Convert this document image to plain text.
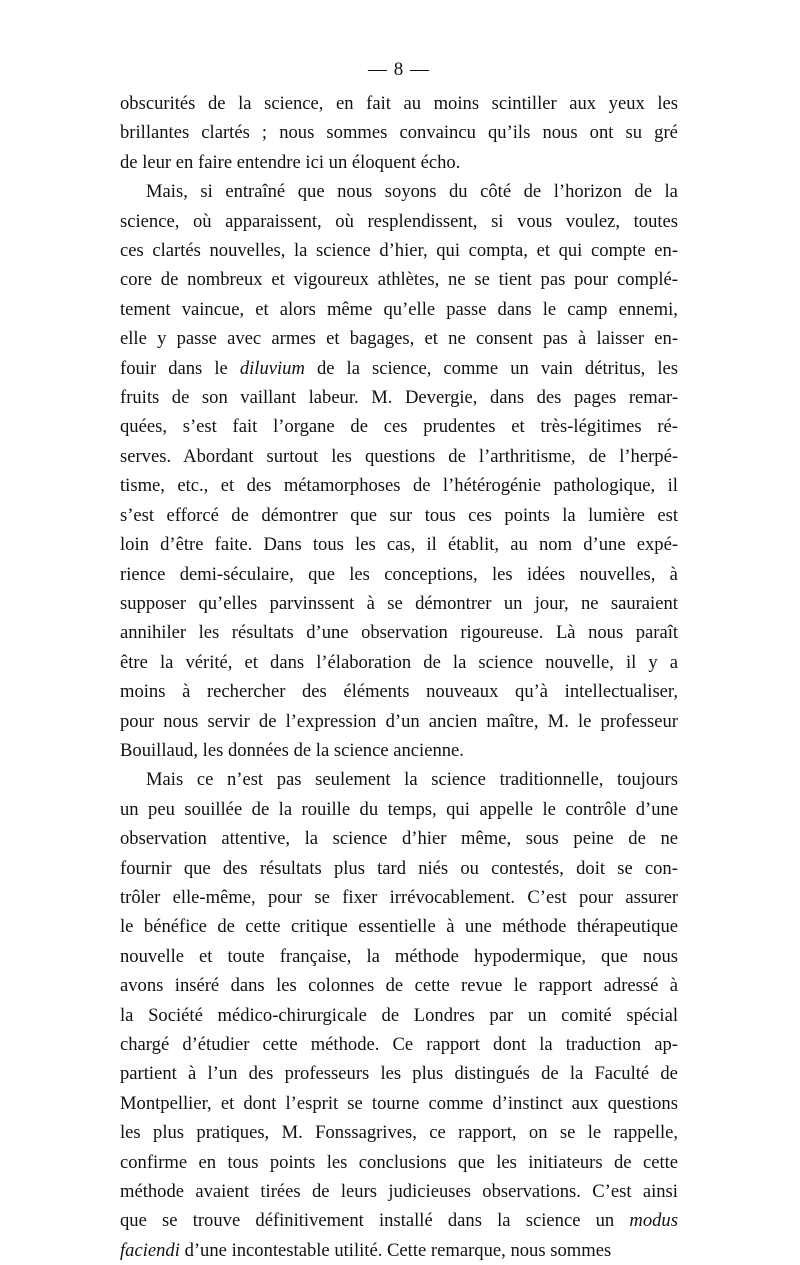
— 8 —
obscurités de la science, en fait au moins scintiller aux yeux les
brillantes clartés ; nous sommes convaincu qu’ils nous ont su gré
de leur en faire entendre ici un éloquent écho.
Mais, si entraîné que nous soyons du côté de l’horizon de la
science, où apparaissent, où resplendissent, si vous voulez, toutes
ces clartés nouvelles, la science d’hier, qui compta, et qui compte en-
core de nombreux et vigoureux athlètes, ne se tient pas pour complé-
tement vaincue, et alors même qu’elle passe dans le camp ennemi,
elle y passe avec armes et bagages, et ne consent pas à laisser en-
fouir dans le diluvium de la science, comme un vain détritus, les
fruits de son vaillant labeur. M. Devergie, dans des pages remar-
quées, s’est fait l’organe de ces prudentes et très-légitimes ré-
serves. Abordant surtout les questions de l’arthritisme, de l’herpé-
tisme, etc., et des métamorphoses de l’hétérogénie pathologique, il
s’est efforcé de démontrer que sur tous ces points la lumière est
loin d’être faite. Dans tous les cas, il établit, au nom d’une expé-
rience demi-séculaire, que les conceptions, les idées nouvelles, à
supposer qu’elles parvinssent à se démontrer un jour, ne sauraient
annihiler les résultats d’une observation rigoureuse. Là nous paraît
être la vérité, et dans l’élaboration de la science nouvelle, il y a
moins à rechercher des éléments nouveaux qu’à intellectualiser,
pour nous servir de l’expression d’un ancien maître, M. le professeur
Bouillaud, les données de la science ancienne.
Mais ce n’est pas seulement la science traditionnelle, toujours
un peu souillée de la rouille du temps, qui appelle le contrôle d’une
observation attentive, la science d’hier même, sous peine de ne
fournir que des résultats plus tard niés ou contestés, doit se con-
trôler elle-même, pour se fixer irrévocablement. C’est pour assurer
le bénéfice de cette critique essentielle à une méthode thérapeutique
nouvelle et toute française, la méthode hypodermique, que nous
avons inséré dans les colonnes de cette revue le rapport adressé à
la Société médico-chirurgicale de Londres par un comité spécial
chargé d’étudier cette méthode. Ce rapport dont la traduction ap-
partient à l’un des professeurs les plus distingués de la Faculté de
Montpellier, et dont l’esprit se tourne comme d’instinct aux questions
les plus pratiques, M. Fonssagrives, ce rapport, on se le rappelle,
confirme en tous points les conclusions que les initiateurs de cette
méthode avaient tirées de leurs judicieuses observations. C’est ainsi
que se trouve définitivement installé dans la science un modus
faciendi d’une incontestable utilité. Cette remarque, nous sommes
